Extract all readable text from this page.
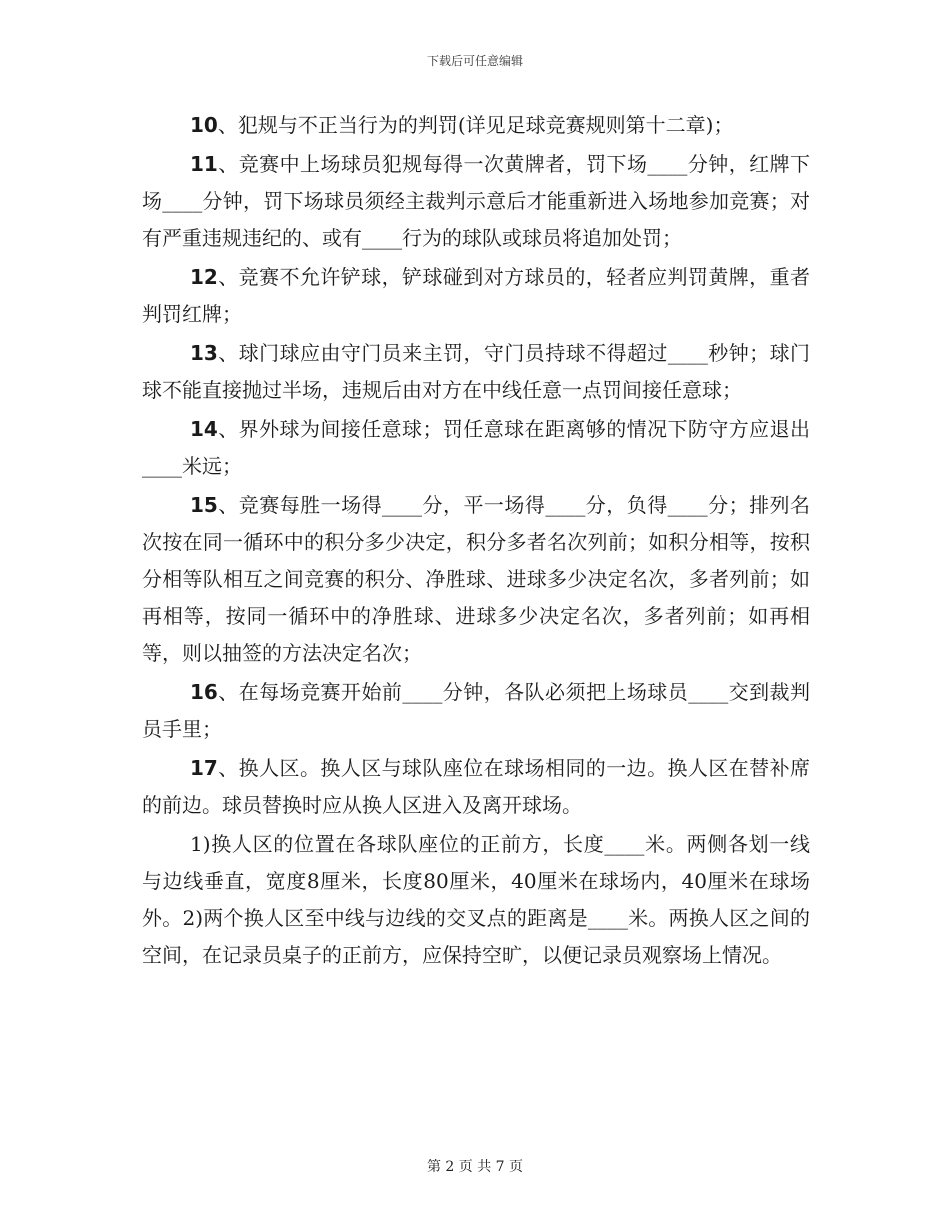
下载后可任意编辑

10、犯规与不正当行为的判罚(详见足球竞赛规则第十二章)；

11、竞赛中上场球员犯规每得一次黄牌者，罚下场____分钟，红牌下场____分钟，罚下场球员须经主裁判示意后才能重新进入场地参加竞赛；对有严重违规违纪的、或有____行为的球队或球员将追加处罚；

12、竞赛不允许铲球，铲球碰到对方球员的，轻者应判罚黄牌，重者判罚红牌；

13、球门球应由守门员来主罚，守门员持球不得超过____秒钟；球门球不能直接抛过半场，违规后由对方在中线任意一点罚间接任意球；

14、界外球为间接任意球；罚任意球在距离够的情况下防守方应退出____米远；

15、竞赛每胜一场得____分，平一场得____分，负得____分；排列名次按在同一循环中的积分多少决定，积分多者名次列前；如积分相等，按积分相等队相互之间竞赛的积分、净胜球、进球多少决定名次，多者列前；如再相等，按同一循环中的净胜球、进球多少决定名次，多者列前；如再相等，则以抽签的方法决定名次；

16、在每场竞赛开始前____分钟，各队必须把上场球员____交到裁判员手里；

17、换人区。换人区与球队座位在球场相同的一边。换人区在替补席的前边。球员替换时应从换人区进入及离开球场。

1)换人区的位置在各球队座位的正前方，长度____米。两侧各划一线与边线垂直，宽度8厘米，长度80厘米，40厘米在球场内，40厘米在球场外。2)两个换人区至中线与边线的交叉点的距离是____米。两换人区之间的空间，在记录员桌子的正前方，应保持空旷，以便记录员观察场上情况。

第 2 页 共 7 页
